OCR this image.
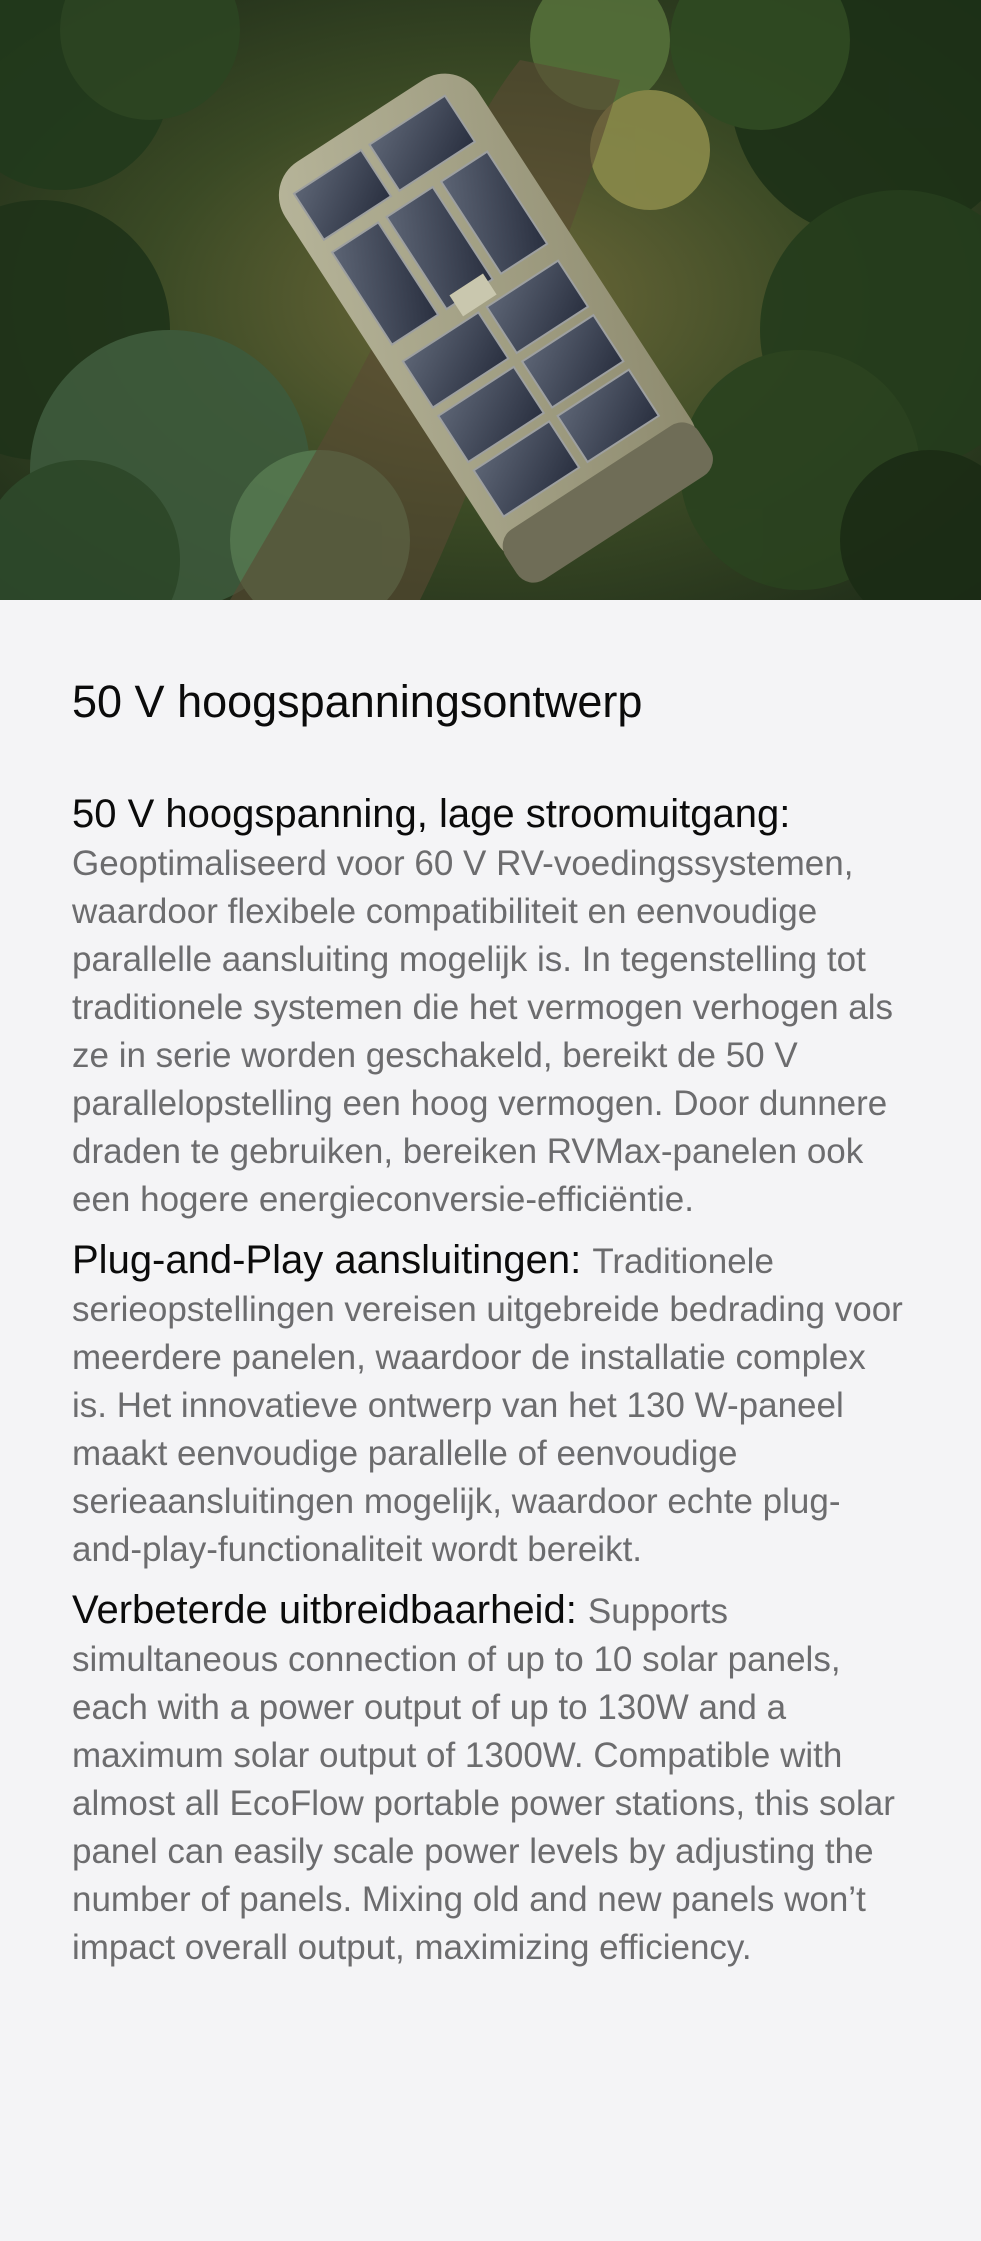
50 V hoogspanningsontwerp

50 V hoogspanning, lage stroomuitgang: Geoptimaliseerd voor 60 V RV-voedingssystemen, waardoor flexibele compatibiliteit en eenvoudige parallelle aansluiting mogelijk is. In tegenstelling tot traditionele systemen die het vermogen verhogen als ze in serie worden geschakeld, bereikt de 50 V parallelopstelling een hoog vermogen. Door dunnere draden te gebruiken, bereiken RVMax-panelen ook een hogere energieconversie-efficiëntie.

Plug-and-Play aansluitingen: Traditionele serieopstellingen vereisen uitgebreide bedrading voor meerdere panelen, waardoor de installatie complex is. Het innovatieve ontwerp van het 130 W-paneel maakt eenvoudige parallelle of eenvoudige serieaansluitingen mogelijk, waardoor echte plug-and-play-functionaliteit wordt bereikt.

Verbeterde uitbreidbaarheid: Supports simultaneous connection of up to 10 solar panels, each with a power output of up to 130W and a maximum solar output of 1300W. Compatible with almost all EcoFlow portable power stations, this solar panel can easily scale power levels by adjusting the number of panels. Mixing old and new panels won’t impact overall output, maximizing efficiency.
